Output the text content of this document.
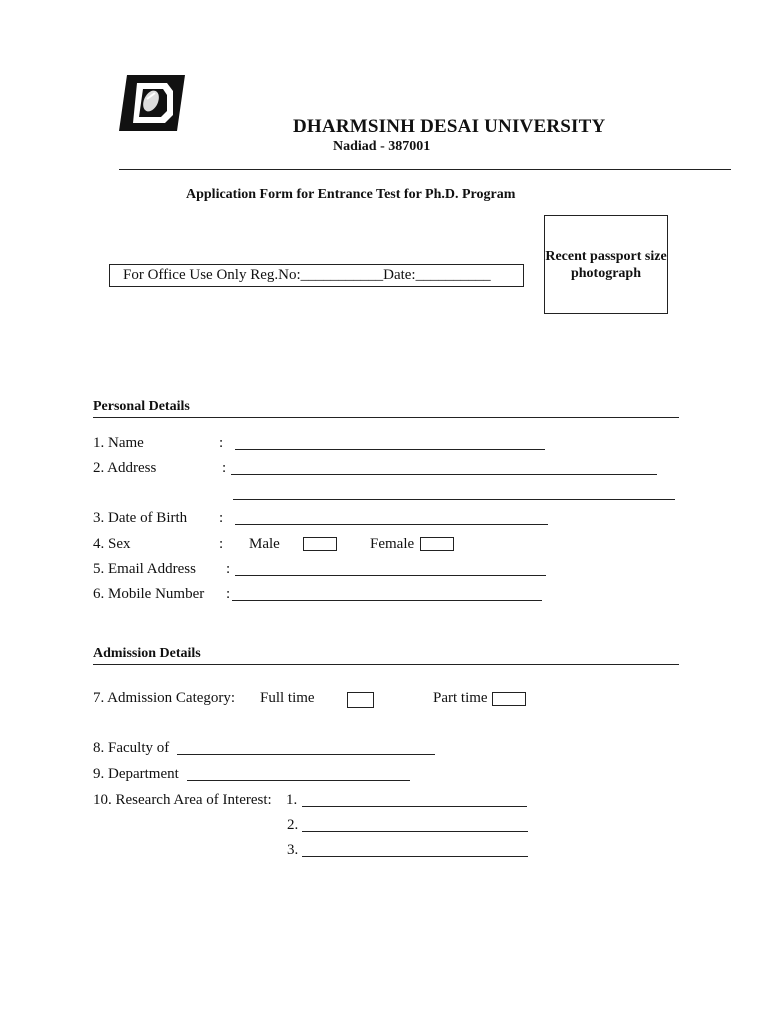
DHARMSINH DESAI UNIVERSITY
Nadiad - 387001
Application Form for Entrance Test for Ph.D. Program
For Office Use Only Reg.No:___________Date:__________
Recent passport size photograph
Personal Details
1. Name	:
2. Address	:
3. Date of Birth :
4. Sex	: Male	Female
5. Email Address :
6. Mobile Number :
Admission Details
7. Admission Category: Full time	Part time
8. Faculty of
9. Department
10. Research Area of Interest: 1.
2.
3.
